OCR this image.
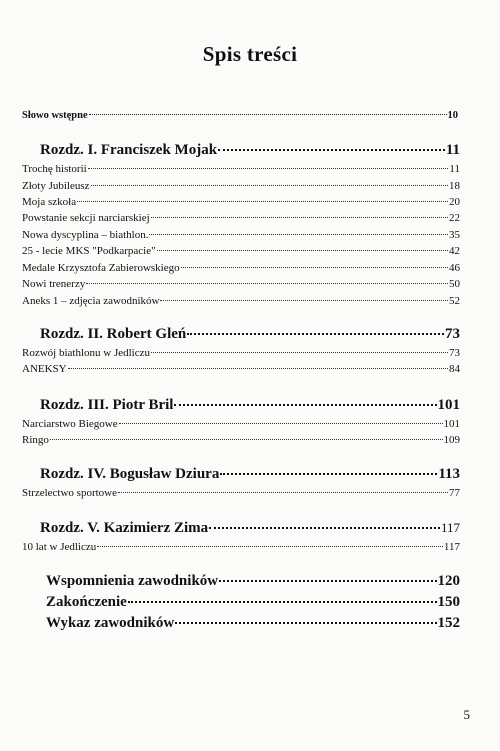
Spis treści
Słowo wstępne	10
Rozdz. I. Franciszek Mojak	11
Trochę historii	11
Złoty Jubileusz	18
Moja szkoła	20
Powstanie sekcji narciarskiej	22
Nowa dyscyplina – biathlon.	35
25 - lecie MKS "Podkarpacie"	42
Medale Krzysztofa Zabierowskiego	46
Nowi trenerzy	50
Aneks 1 – zdjęcia zawodników	52
Rozdz. II. Robert Gleń	73
Rozwój biathlonu w Jedliczu	73
ANEKSY	84
Rozdz. III. Piotr Bril	101
Narciarstwo Biegowe	101
Ringo	109
Rozdz. IV. Bogusław Dziura	113
Strzelectwo sportowe	77
Rozdz. V. Kazimierz Zima	117
10 lat w Jedliczu	117
Wspomnienia zawodników	120
Zakończenie	150
Wykaz zawodników	152
5
